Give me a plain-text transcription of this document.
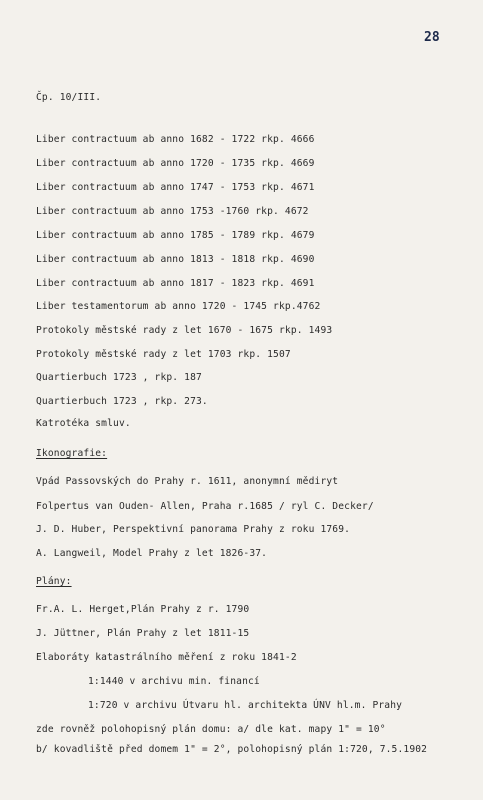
28
Čp. 10/III.
Liber contractuum ab anno 1682 - 1722 rkp. 4666
Liber contractuum ab anno 1720 - 1735 rkp. 4669
Liber contractuum ab anno 1747 - 1753 rkp. 4671
Liber contractuum ab anno 1753 -1760 rkp. 4672
Liber contractuum ab anno 1785 - 1789 rkp. 4679
Liber contractuum ab anno 1813 - 1818 rkp. 4690
Liber contractuum ab anno 1817 - 1823 rkp. 4691
Liber testamentorum ab anno 1720 - 1745 rkp.4762
Protokoly městské rady z let 1670 - 1675 rkp. 1493
Protokoly městské rady z let 1703 rkp. 1507
Quartierbuch 1723 , rkp. 187
Quartierbuch 1723 , rkp. 273.
Katrotéka smluv.
Ikonografie:
Vpád Passovských do Prahy r. 1611, anonymní mědiryt
Folpertus van Ouden- Allen, Praha r.1685 / ryl C. Decker/
J. D. Huber, Perspektivní panorama Prahy z roku 1769.
A. Langweil, Model Prahy z let 1826-37.
Plány:
Fr.A. L. Herget,Plán Prahy z r. 1790
J. Jüttner, Plán Prahy z let 1811-15
Elaboráty katastrálního měření z roku 1841-2
1:1440 v archivu min. financí
1:720 v archivu Útvaru hl. architekta ÚNV hl.m. Prahy
zde rovněž polohopisný plán domu: a/ dle kat. mapy 1" = 10°
b/ kovadliště před domem 1" = 2°, polohopisný plán 1:720, 7.5.1902
